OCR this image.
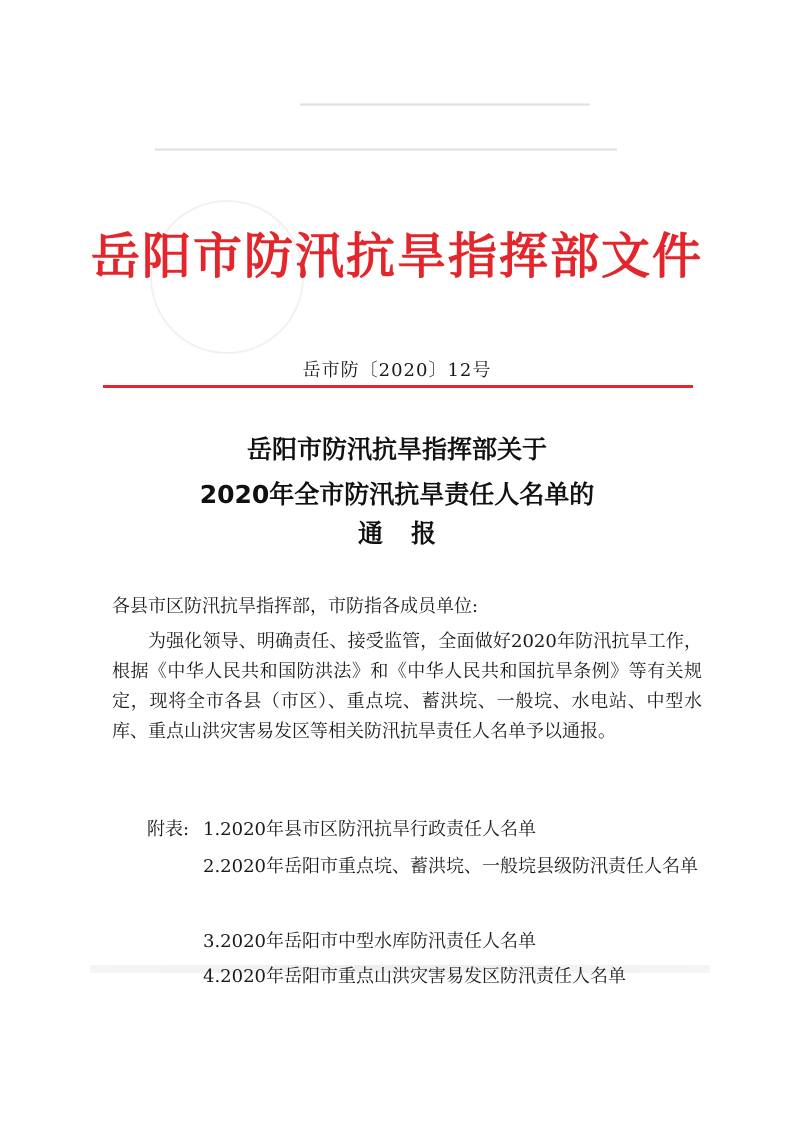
━━━━━━━━━━━━━━━━━━━━━━━━━━━━━━━━━━━━━
━━━━━━━━━━━━━━━━━━━━━━━━━━━━━━━━━━━━━━━━━━━━━━━━━━━━━━━━━━━
岳阳市防汛抗旱指挥部文件
岳市防〔2020〕12号
岳阳市防汛抗旱指挥部关于
2020年全市防汛抗旱责任人名单的
通报
各县市区防汛抗旱指挥部，市防指各成员单位:
为强化领导、明确责任、接受监管，全面做好2020年防汛抗旱工作，根据《中华人民共和国防洪法》和《中华人民共和国抗旱条例》等有关规定，现将全市各县（市区）、重点垸、蓄洪垸、一般垸、水电站、中型水库、重点山洪灾害易发区等相关防汛抗旱责任人名单予以通报。
附表: 1.2020年县市区防汛抗旱行政责任人名单
2.2020年岳阳市重点垸、蓄洪垸、一般垸县级防汛责任人名单
3.2020年岳阳市中型水库防汛责任人名单
4.2020年岳阳市重点山洪灾害易发区防汛责任人名单
